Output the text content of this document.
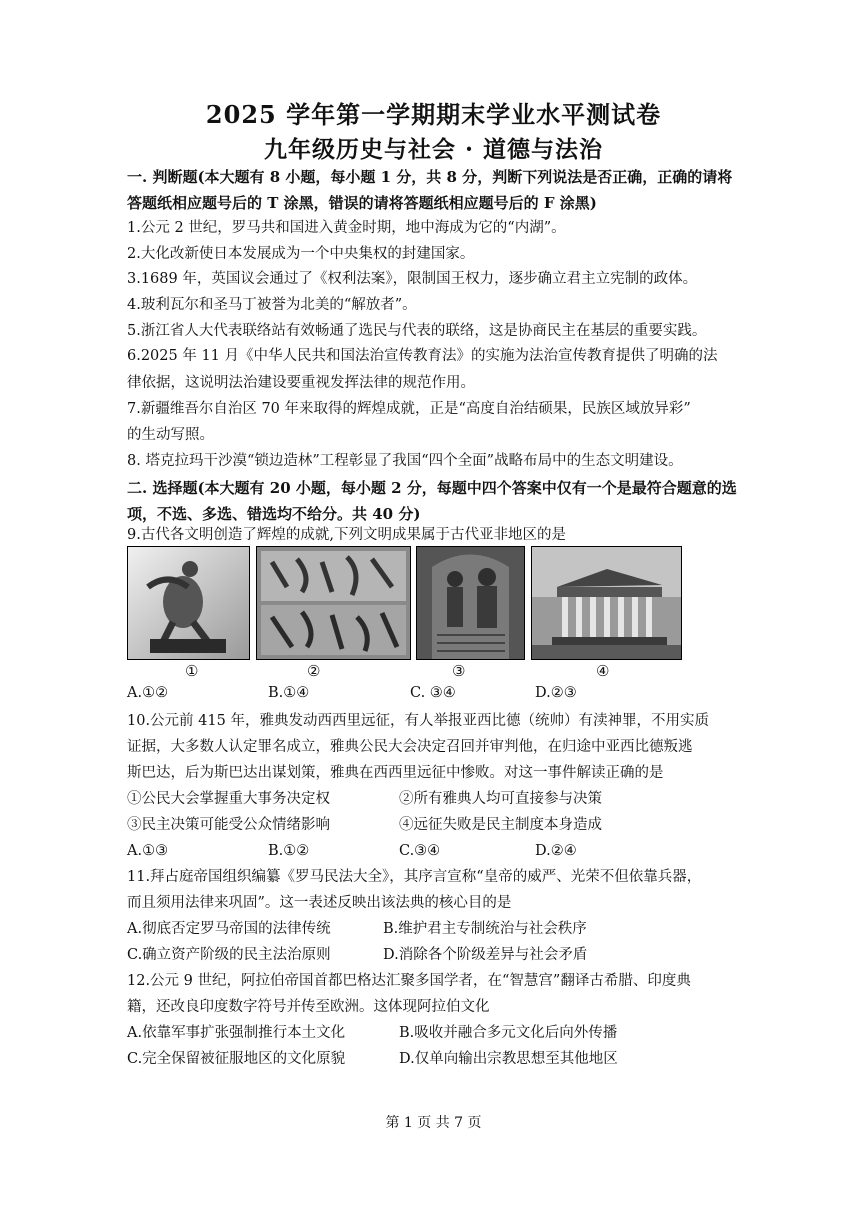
2025 学年第一学期期末学业水平测试卷
九年级历史与社会 · 道德与法治
一. 判断题(本大题有 8 小题，每小题 1 分，共 8 分，判断下列说法是否正确，正确的请将
答题纸相应题号后的 T 涂黑，错误的请将答题纸相应题号后的 F 涂黑)
1.公元 2 世纪，罗马共和国进入黄金时期，地中海成为它的“内湖”。
2.大化改新使日本发展成为一个中央集权的封建国家。
3.1689 年，英国议会通过了《权利法案》，限制国王权力，逐步确立君主立宪制的政体。
4.玻利瓦尔和圣马丁被誉为北美的“解放者”。
5.浙江省人大代表联络站有效畅通了选民与代表的联络，这是协商民主在基层的重要实践。
6.2025 年 11 月《中华人民共和国法治宣传教育法》的实施为法治宣传教育提供了明确的法
律依据，这说明法治建设要重视发挥法律的规范作用。
7.新疆维吾尔自治区 70 年来取得的辉煌成就，正是“高度自治结硕果，民族区域放异彩”
的生动写照。
8. 塔克拉玛干沙漠“锁边造林”工程彰显了我国“四个全面”战略布局中的生态文明建设。
二. 选择题(本大题有 20 小题，每小题 2 分，每题中四个答案中仅有一个是最符合题意的选
项，不选、多选、错选均不给分。共 40 分)
9.古代各文明创造了辉煌的成就,下列文明成果属于古代亚非地区的是
①	②	③	④
A.①②	B.①④	C. ③④	D.②③
10.公元前 415 年，雅典发动西西里远征，有人举报亚西比德（统帅）有渎神罪，不用实质
证据，大多数人认定罪名成立，雅典公民大会决定召回并审判他，在归途中亚西比德叛逃
斯巴达，后为斯巴达出谋划策，雅典在西西里远征中惨败。对这一事件解读正确的是
①公民大会掌握重大事务决定权	②所有雅典人均可直接参与决策
③民主决策可能受公众情绪影响	④远征失败是民主制度本身造成
A.①③	B.①②	C.③④	D.②④
11.拜占庭帝国组织编纂《罗马民法大全》，其序言宣称“皇帝的威严、光荣不但依靠兵器，
而且须用法律来巩固”。这一表述反映出该法典的核心目的是
A.彻底否定罗马帝国的法律传统	B.维护君主专制统治与社会秩序
C.确立资产阶级的民主法治原则	D.消除各个阶级差异与社会矛盾
12.公元 9 世纪，阿拉伯帝国首都巴格达汇聚多国学者，在“智慧宫”翻译古希腊、印度典
籍，还改良印度数字符号并传至欧洲。这体现阿拉伯文化
A.依靠军事扩张强制推行本土文化	B.吸收并融合多元文化后向外传播
C.完全保留被征服地区的文化原貌	D.仅单向输出宗教思想至其他地区
第 1 页 共 7 页
